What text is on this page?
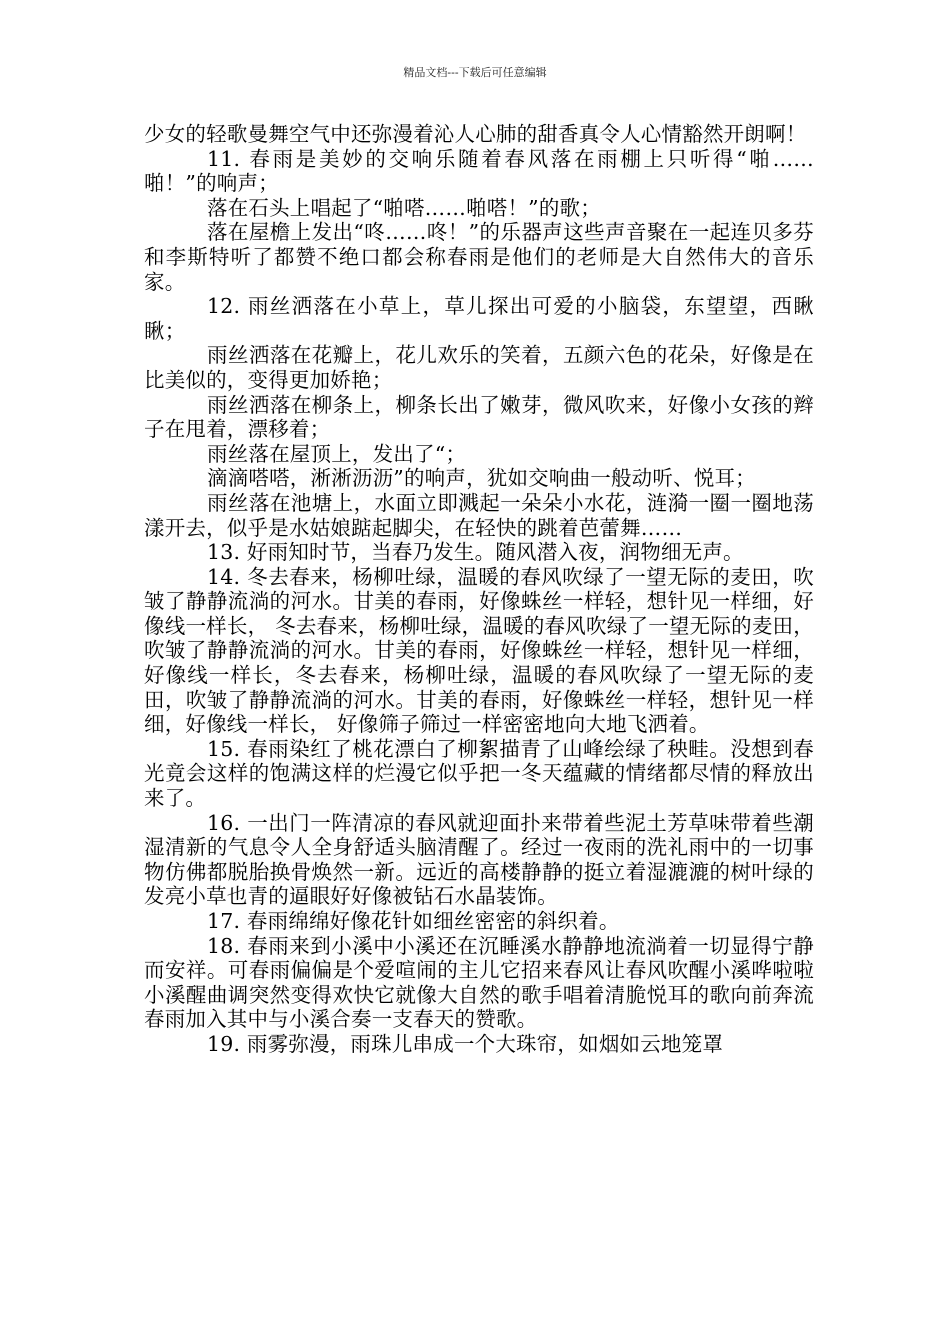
精品文档---下载后可任意编辑

少女的轻歌曼舞空气中还弥漫着沁人心肺的甜香真令人心情豁然开朗啊！

11. 春雨是美妙的交响乐随着春风落在雨棚上只听得“啪……啪！”的响声；

落在石头上唱起了“啪嗒……啪嗒！”的歌；

落在屋檐上发出“咚……咚！”的乐器声这些声音聚在一起连贝多芬和李斯特听了都赞不绝口都会称春雨是他们的老师是大自然伟大的音乐家。

12. 雨丝洒落在小草上，草儿探出可爱的小脑袋，东望望，西瞅瞅；

雨丝洒落在花瓣上，花儿欢乐的笑着，五颜六色的花朵，好像是在比美似的，变得更加娇艳；

雨丝洒落在柳条上，柳条长出了嫩芽，微风吹来，好像小女孩的辫子在甩着，漂移着；

雨丝落在屋顶上，发出了“；

滴滴嗒嗒，淅淅沥沥”的响声，犹如交响曲一般动听、悦耳；

雨丝落在池塘上，水面立即溅起一朵朵小水花，涟漪一圈一圈地荡漾开去，似乎是水姑娘踮起脚尖，在轻快的跳着芭蕾舞……

13. 好雨知时节，当春乃发生。随风潜入夜，润物细无声。

14. 冬去春来，杨柳吐绿，温暖的春风吹绿了一望无际的麦田，吹皱了静静流淌的河水。甘美的春雨，好像蛛丝一样轻，想针见一样细，好像线一样长， 冬去春来，杨柳吐绿，温暖的春风吹绿了一望无际的麦田，吹皱了静静流淌的河水。甘美的春雨，好像蛛丝一样轻，想针见一样细，好像线一样长，冬去春来，杨柳吐绿，温暖的春风吹绿了一望无际的麦田，吹皱了静静流淌的河水。甘美的春雨，好像蛛丝一样轻，想针见一样细，好像线一样长， 好像筛子筛过一样密密地向大地飞洒着。

15. 春雨染红了桃花漂白了柳絮描青了山峰绘绿了秧畦。没想到春光竟会这样的饱满这样的烂漫它似乎把一冬天蕴藏的情绪都尽情的释放出来了。

16. 一出门一阵清凉的春风就迎面扑来带着些泥土芳草味带着些潮湿清新的气息令人全身舒适头脑清醒了。经过一夜雨的洗礼雨中的一切事物仿佛都脱胎换骨焕然一新。远近的高楼静静的挺立着湿漉漉的树叶绿的发亮小草也青的逼眼好好像被钻石水晶装饰。

17. 春雨绵绵好像花针如细丝密密的斜织着。

18. 春雨来到小溪中小溪还在沉睡溪水静静地流淌着一切显得宁静而安祥。可春雨偏偏是个爱喧闹的主儿它招来春风让春风吹醒小溪哗啦啦小溪醒曲调突然变得欢快它就像大自然的歌手唱着清脆悦耳的歌向前奔流春雨加入其中与小溪合奏一支春天的赞歌。

19. 雨雾弥漫，雨珠儿串成一个大珠帘，如烟如云地笼罩
